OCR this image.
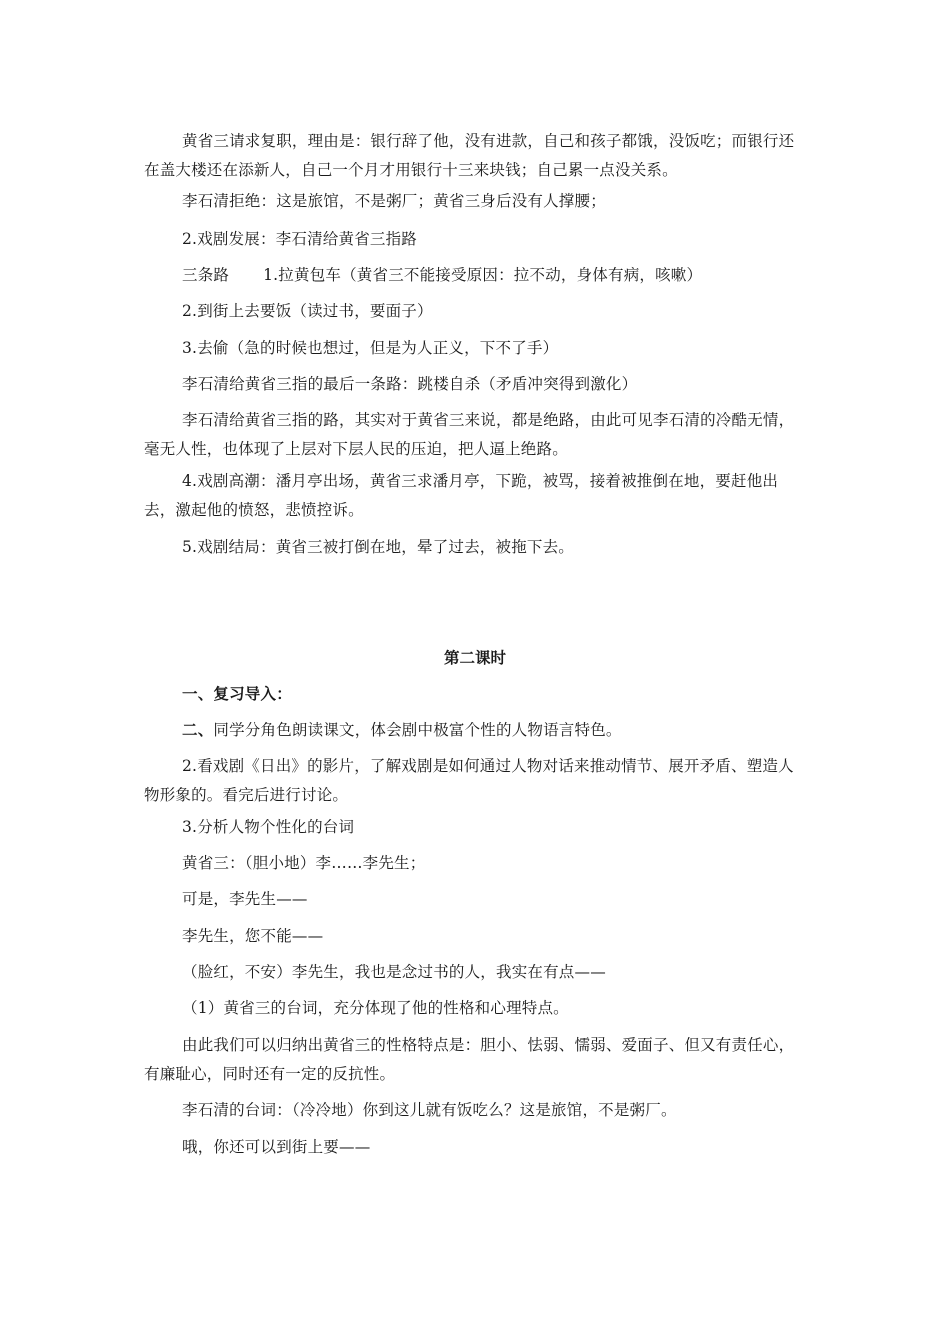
黄省三请求复职，理由是：银行辞了他，没有进款，自己和孩子都饿，没饭吃；而银行还在盖大楼还在添新人，自己一个月才用银行十三来块钱；自己累一点没关系。

李石清拒绝：这是旅馆，不是粥厂；黄省三身后没有人撑腰；

2.戏剧发展：李石清给黄省三指路

三条路 1.拉黄包车（黄省三不能接受原因：拉不动，身体有病，咳嗽）

2.到街上去要饭（读过书，要面子）

3.去偷（急的时候也想过，但是为人正义，下不了手）

李石清给黄省三指的最后一条路：跳楼自杀（矛盾冲突得到激化）

李石清给黄省三指的路，其实对于黄省三来说，都是绝路，由此可见李石清的冷酷无情，毫无人性，也体现了上层对下层人民的压迫，把人逼上绝路。

4.戏剧高潮：潘月亭出场，黄省三求潘月亭，下跪，被骂，接着被推倒在地，要赶他出去，激起他的愤怒，悲愤控诉。

5.戏剧结局：黄省三被打倒在地，晕了过去，被拖下去。

第二课时

一、复习导入：

二、同学分角色朗读课文，体会剧中极富个性的人物语言特色。

2.看戏剧《日出》的影片，了解戏剧是如何通过人物对话来推动情节、展开矛盾、塑造人物形象的。看完后进行讨论。

3.分析人物个性化的台词

黄省三：（胆小地）李……李先生；

可是，李先生——

李先生，您不能——

（脸红，不安）李先生，我也是念过书的人，我实在有点——

（1）黄省三的台词，充分体现了他的性格和心理特点。

由此我们可以归纳出黄省三的性格特点是：胆小、怯弱、懦弱、爱面子、但又有责任心，有廉耻心，同时还有一定的反抗性。

李石清的台词：（冷冷地）你到这儿就有饭吃么？这是旅馆，不是粥厂。

哦，你还可以到街上要——
